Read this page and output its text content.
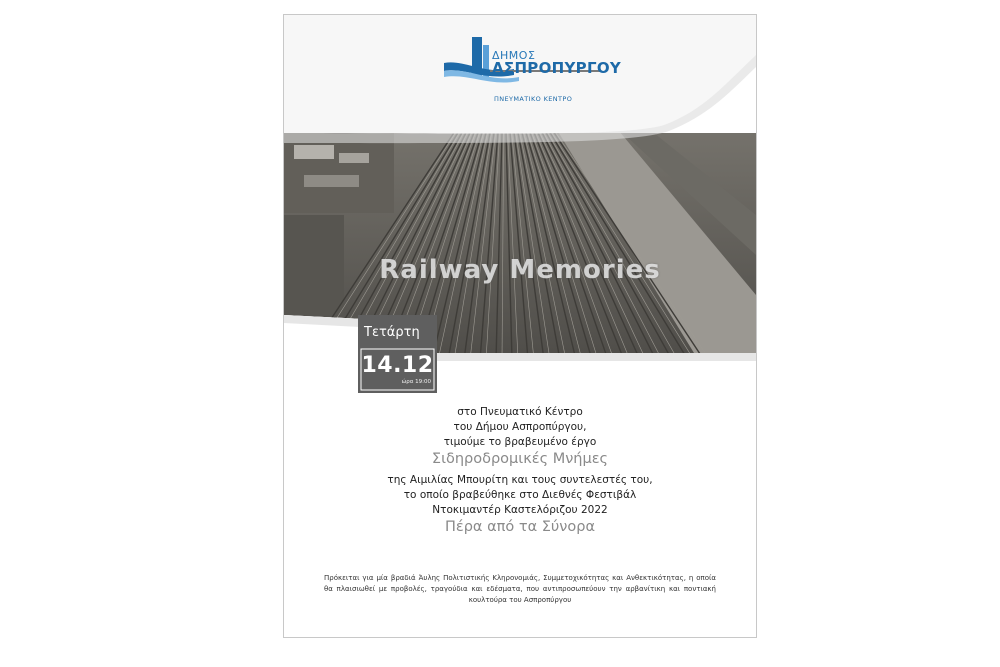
ΔΗΜΟΣ
ΑΣΠΡΟΠΥΡΓΟΥ
ΠΝΕΥΜΑΤΙΚΟ ΚΕΝΤΡΟ
Railway Memories
Τετάρτη
14.12
ώρα 19:00
στο Πνευματικό Κέντρο
του Δήμου Ασπροπύργου,
τιμούμε το βραβευμένο έργο
Σιδηροδρομικές Μνήμες
της Αιμιλίας Μπουρίτη και τους συντελεστές του,
το οποίο βραβεύθηκε στο Διεθνές Φεστιβάλ
Ντοκιμαντέρ Καστελόριζου 2022
Πέρα από τα Σύνορα
Πρόκειται για μία βραδιά Άυλης Πολιτιστικής Κληρονομιάς, Συμμετοχικότητας και Ανθεκτικότητας, η οποία θα πλαισιωθεί με προβολές, τραγούδια και εδέσματα, που αντιπροσωπεύουν την αρβανίτικη και ποντιακή κουλτούρα του Ασπροπύργου
